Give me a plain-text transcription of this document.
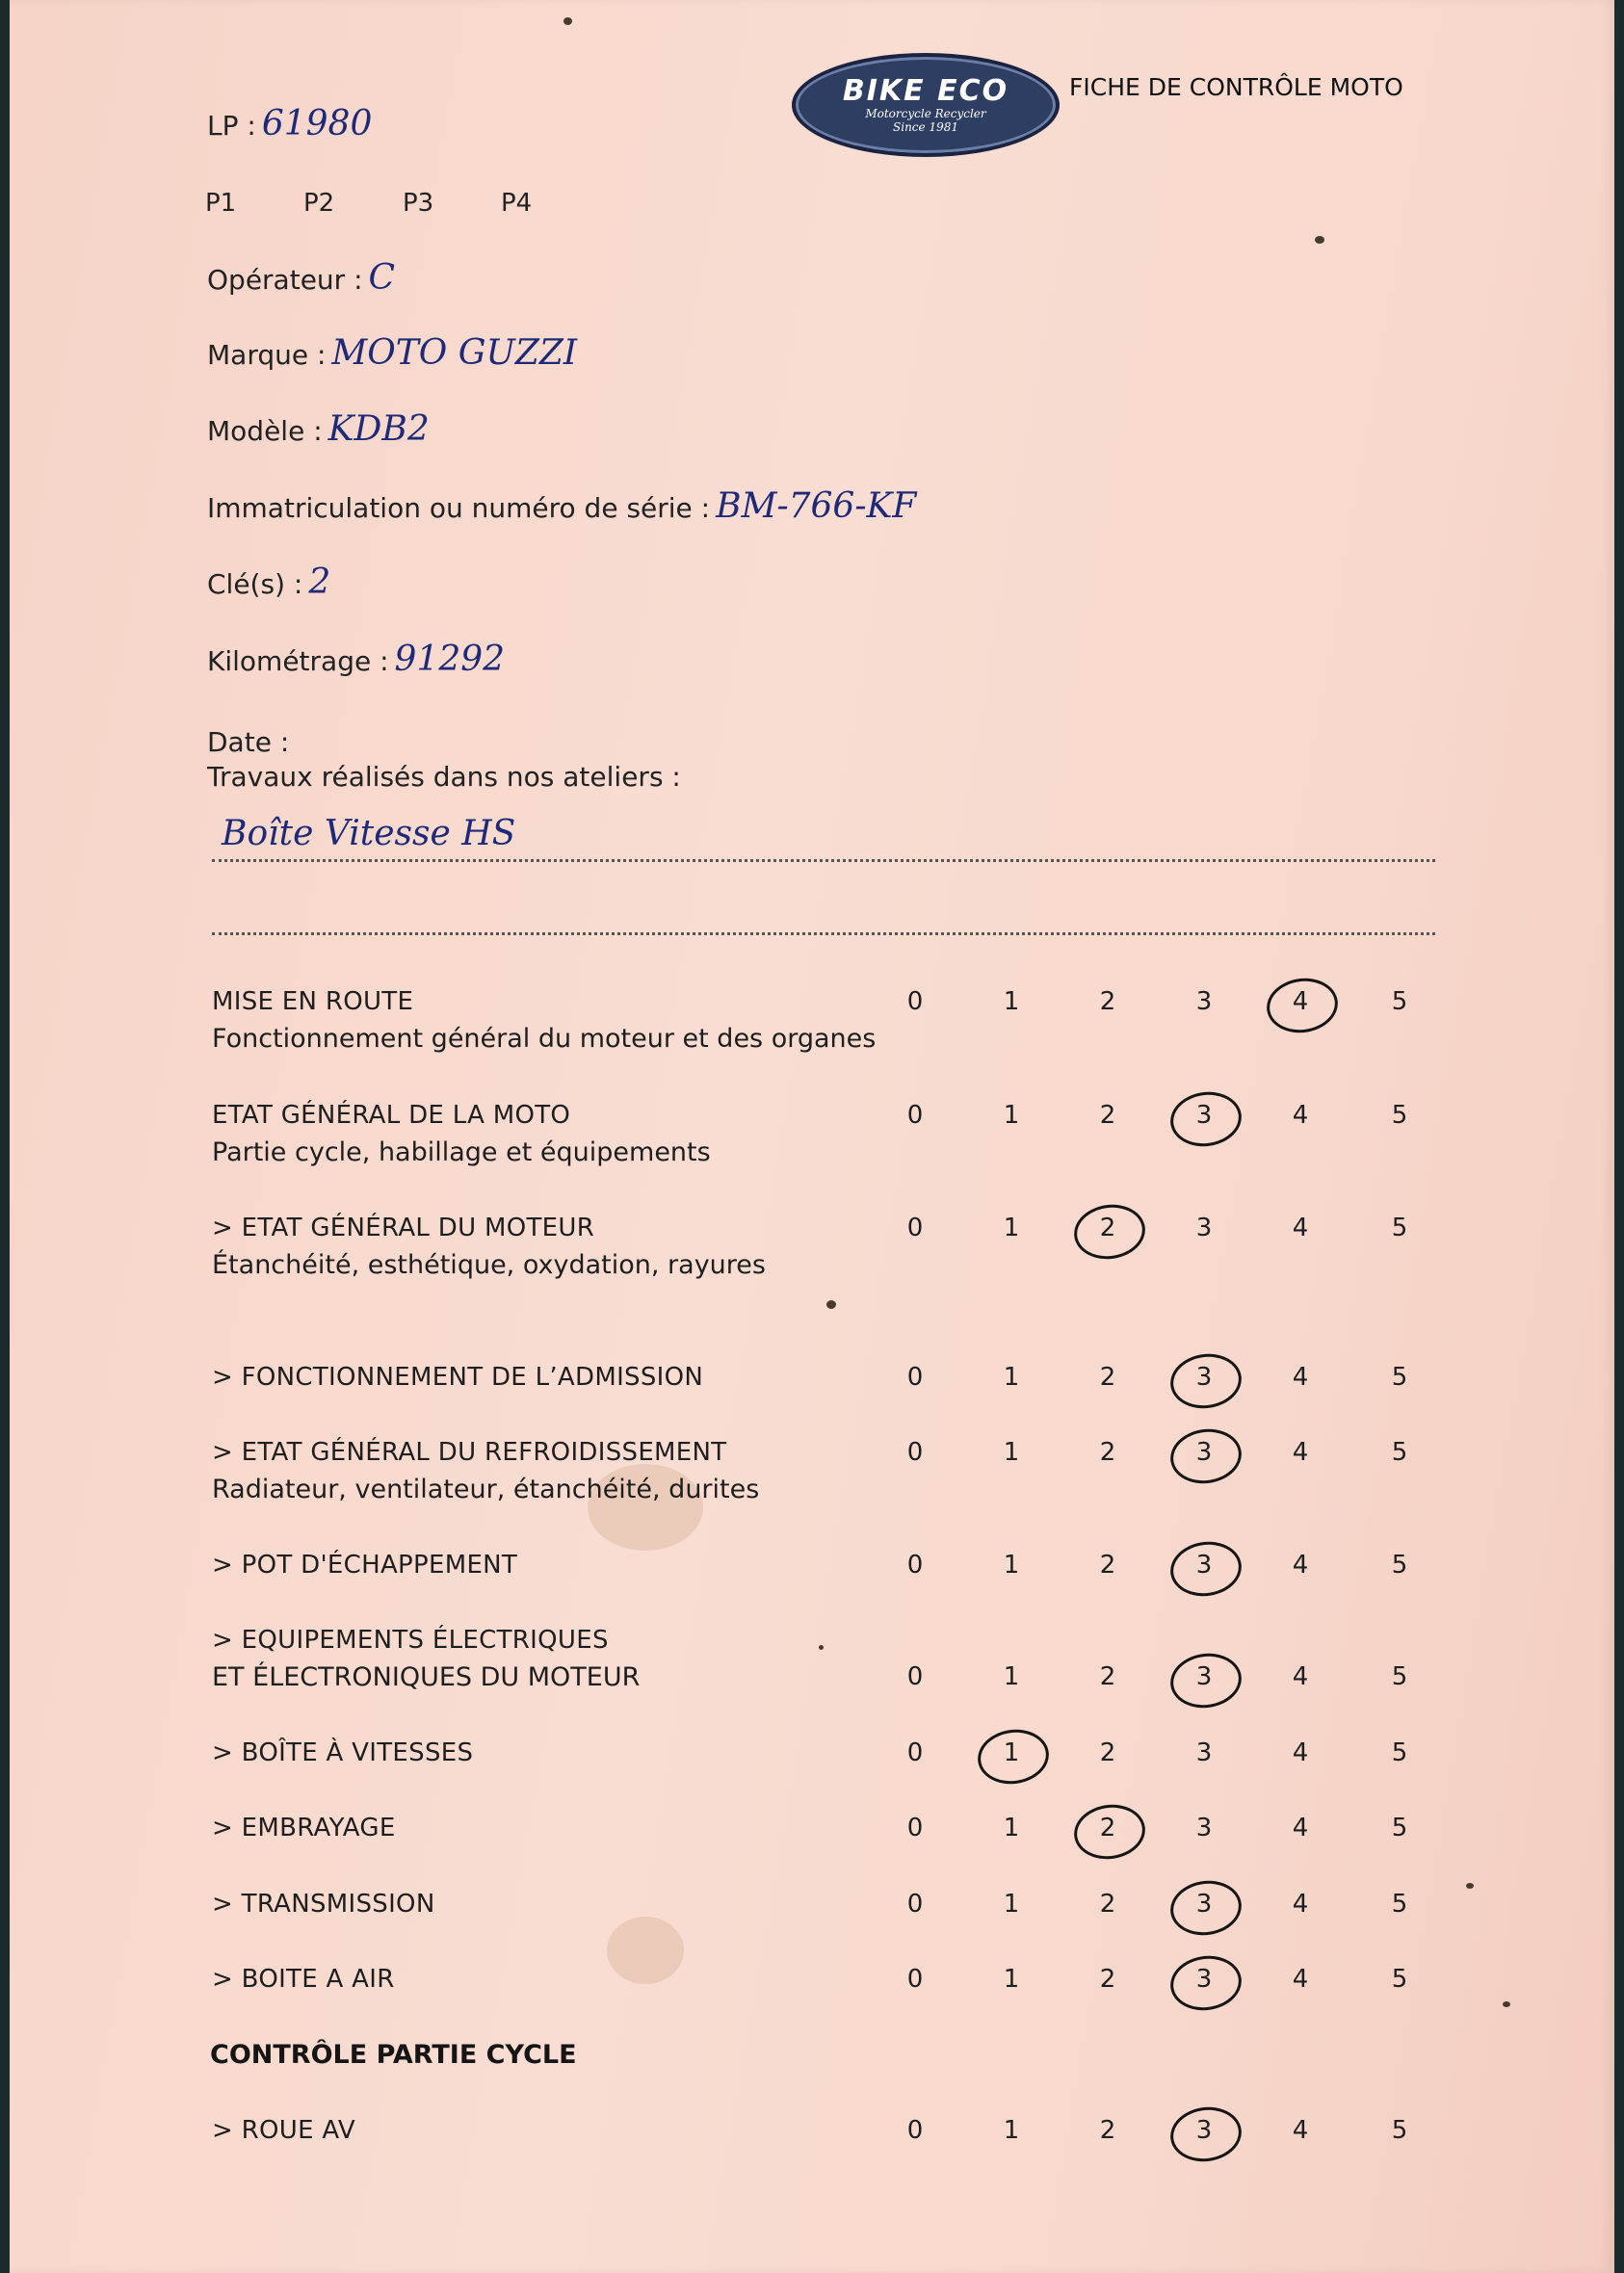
BIKE ECO
Motorcycle Recycler
Since 1981
FICHE DE CONTRÔLE MOTO
LP : 61980
P1	P2	P3	P4
Opérateur : C
Marque : MOTO GUZZI
Modèle : KDB2
Immatriculation ou numéro de série : BM-766-KF
Clé(s) : 2
Kilométrage : 91292
Date :
Travaux réalisés dans nos ateliers :
Boîte Vitesse HS
MISE EN ROUTE
Fonctionnement général du moteur et des organes
0	1	2	3	4	5
ETAT GÉNÉRAL DE LA MOTO
Partie cycle, habillage et équipements
0	1	2	3	4	5
> ETAT GÉNÉRAL DU MOTEUR
Étanchéité, esthétique, oxydation, rayures
0	1	2	3	4	5
> FONCTIONNEMENT DE L’ADMISSION	0	1	2	3	4	5
> ETAT GÉNÉRAL DU REFROIDISSEMENT
Radiateur, ventilateur, étanchéité, durites
0	1	2	3	4	5
> POT D'ÉCHAPPEMENT	0	1	2	3	4	5
> EQUIPEMENTS ÉLECTRIQUES
ET ÉLECTRONIQUES DU MOTEUR	0	1	2	3	4	5
> BOÎTE À VITESSES	0	1	2	3	4	5
> EMBRAYAGE	0	1	2	3	4	5
> TRANSMISSION	0	1	2	3	4	5
> BOITE A AIR	0	1	2	3	4	5
CONTRÔLE PARTIE CYCLE
> ROUE AV	0	1	2	3	4	5
